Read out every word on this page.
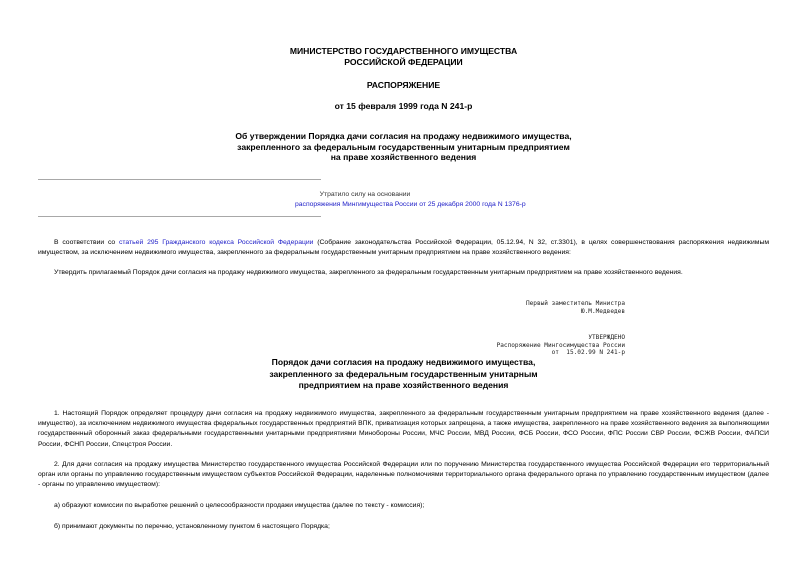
МИНИСТЕРСТВО ГОСУДАРСТВЕННОГО ИМУЩЕСТВА
РОССИЙСКОЙ ФЕДЕРАЦИИ
РАСПОРЯЖЕНИЕ
от 15 февраля 1999 года N 241-р
Об утверждении Порядка дачи согласия на продажу недвижимого имущества,
закрепленного за федеральным государственным унитарным предприятием
на праве хозяйственного ведения
Утратило силу на основании
распоряжения Мингимущества России от 25 декабря 2000 года N 1376-р
В соответствии со статьей 295 Гражданского кодекса Российской Федерации (Собрание законодательства Российской Федерации, 05.12.94, N 32, ст.3301), в целях совершенствования распоряжения недвижимым имуществом, за исключением недвижимого имущества, закрепленного за федеральным государственным унитарным предприятием на праве хозяйственного ведения:
Утвердить прилагаемый Порядок дачи согласия на продажу недвижимого имущества, закрепленного за федеральным государственным унитарным предприятием на праве хозяйственного ведения.
Первый заместитель Министра
Ю.М.Медведев
УТВЕРЖДЕНО
Распоряжение Мингосимущества России
от  15.02.99 N 241-р
Порядок дачи согласия на продажу недвижимого имущества,
закрепленного за федеральным государственным унитарным
предприятием на праве хозяйственного ведения
1. Настоящий Порядок определяет процедуру дачи согласия на продажу недвижимого имущества, закрепленного за федеральным государственным унитарным предприятием на праве хозяйственного ведения (далее - имущество), за исключением недвижимого имущества федеральных государственных предприятий ВПК, приватизация которых запрещена, а также имущества, закрепленного на праве хозяйственного ведения за выполняющими государственный оборонный заказ федеральными государственными унитарными предприятиями Минобороны России, МЧС России, МВД России, ФСБ России, ФСО России, ФПС России СВР России, ФСЖВ России, ФАПСИ России, ФСНП России, Спецстроя России.
2. Для дачи согласия на продажу имущества Министерство государственного имущества Российской Федерации или по поручению Министерства государственного имущества Российской Федерации его территориальный орган или органы по управлению государственным имуществом субъектов Российской Федерации, наделенные полномочиями территориального органа федерального органа по управлению государственным имуществом (далее - органы по управлению имуществом):
а) образуют комиссии по выработке решений о целесообразности продажи имущества (далее по тексту - комиссия);
б) принимают документы по перечню, установленному пунктом 6 настоящего Порядка;
